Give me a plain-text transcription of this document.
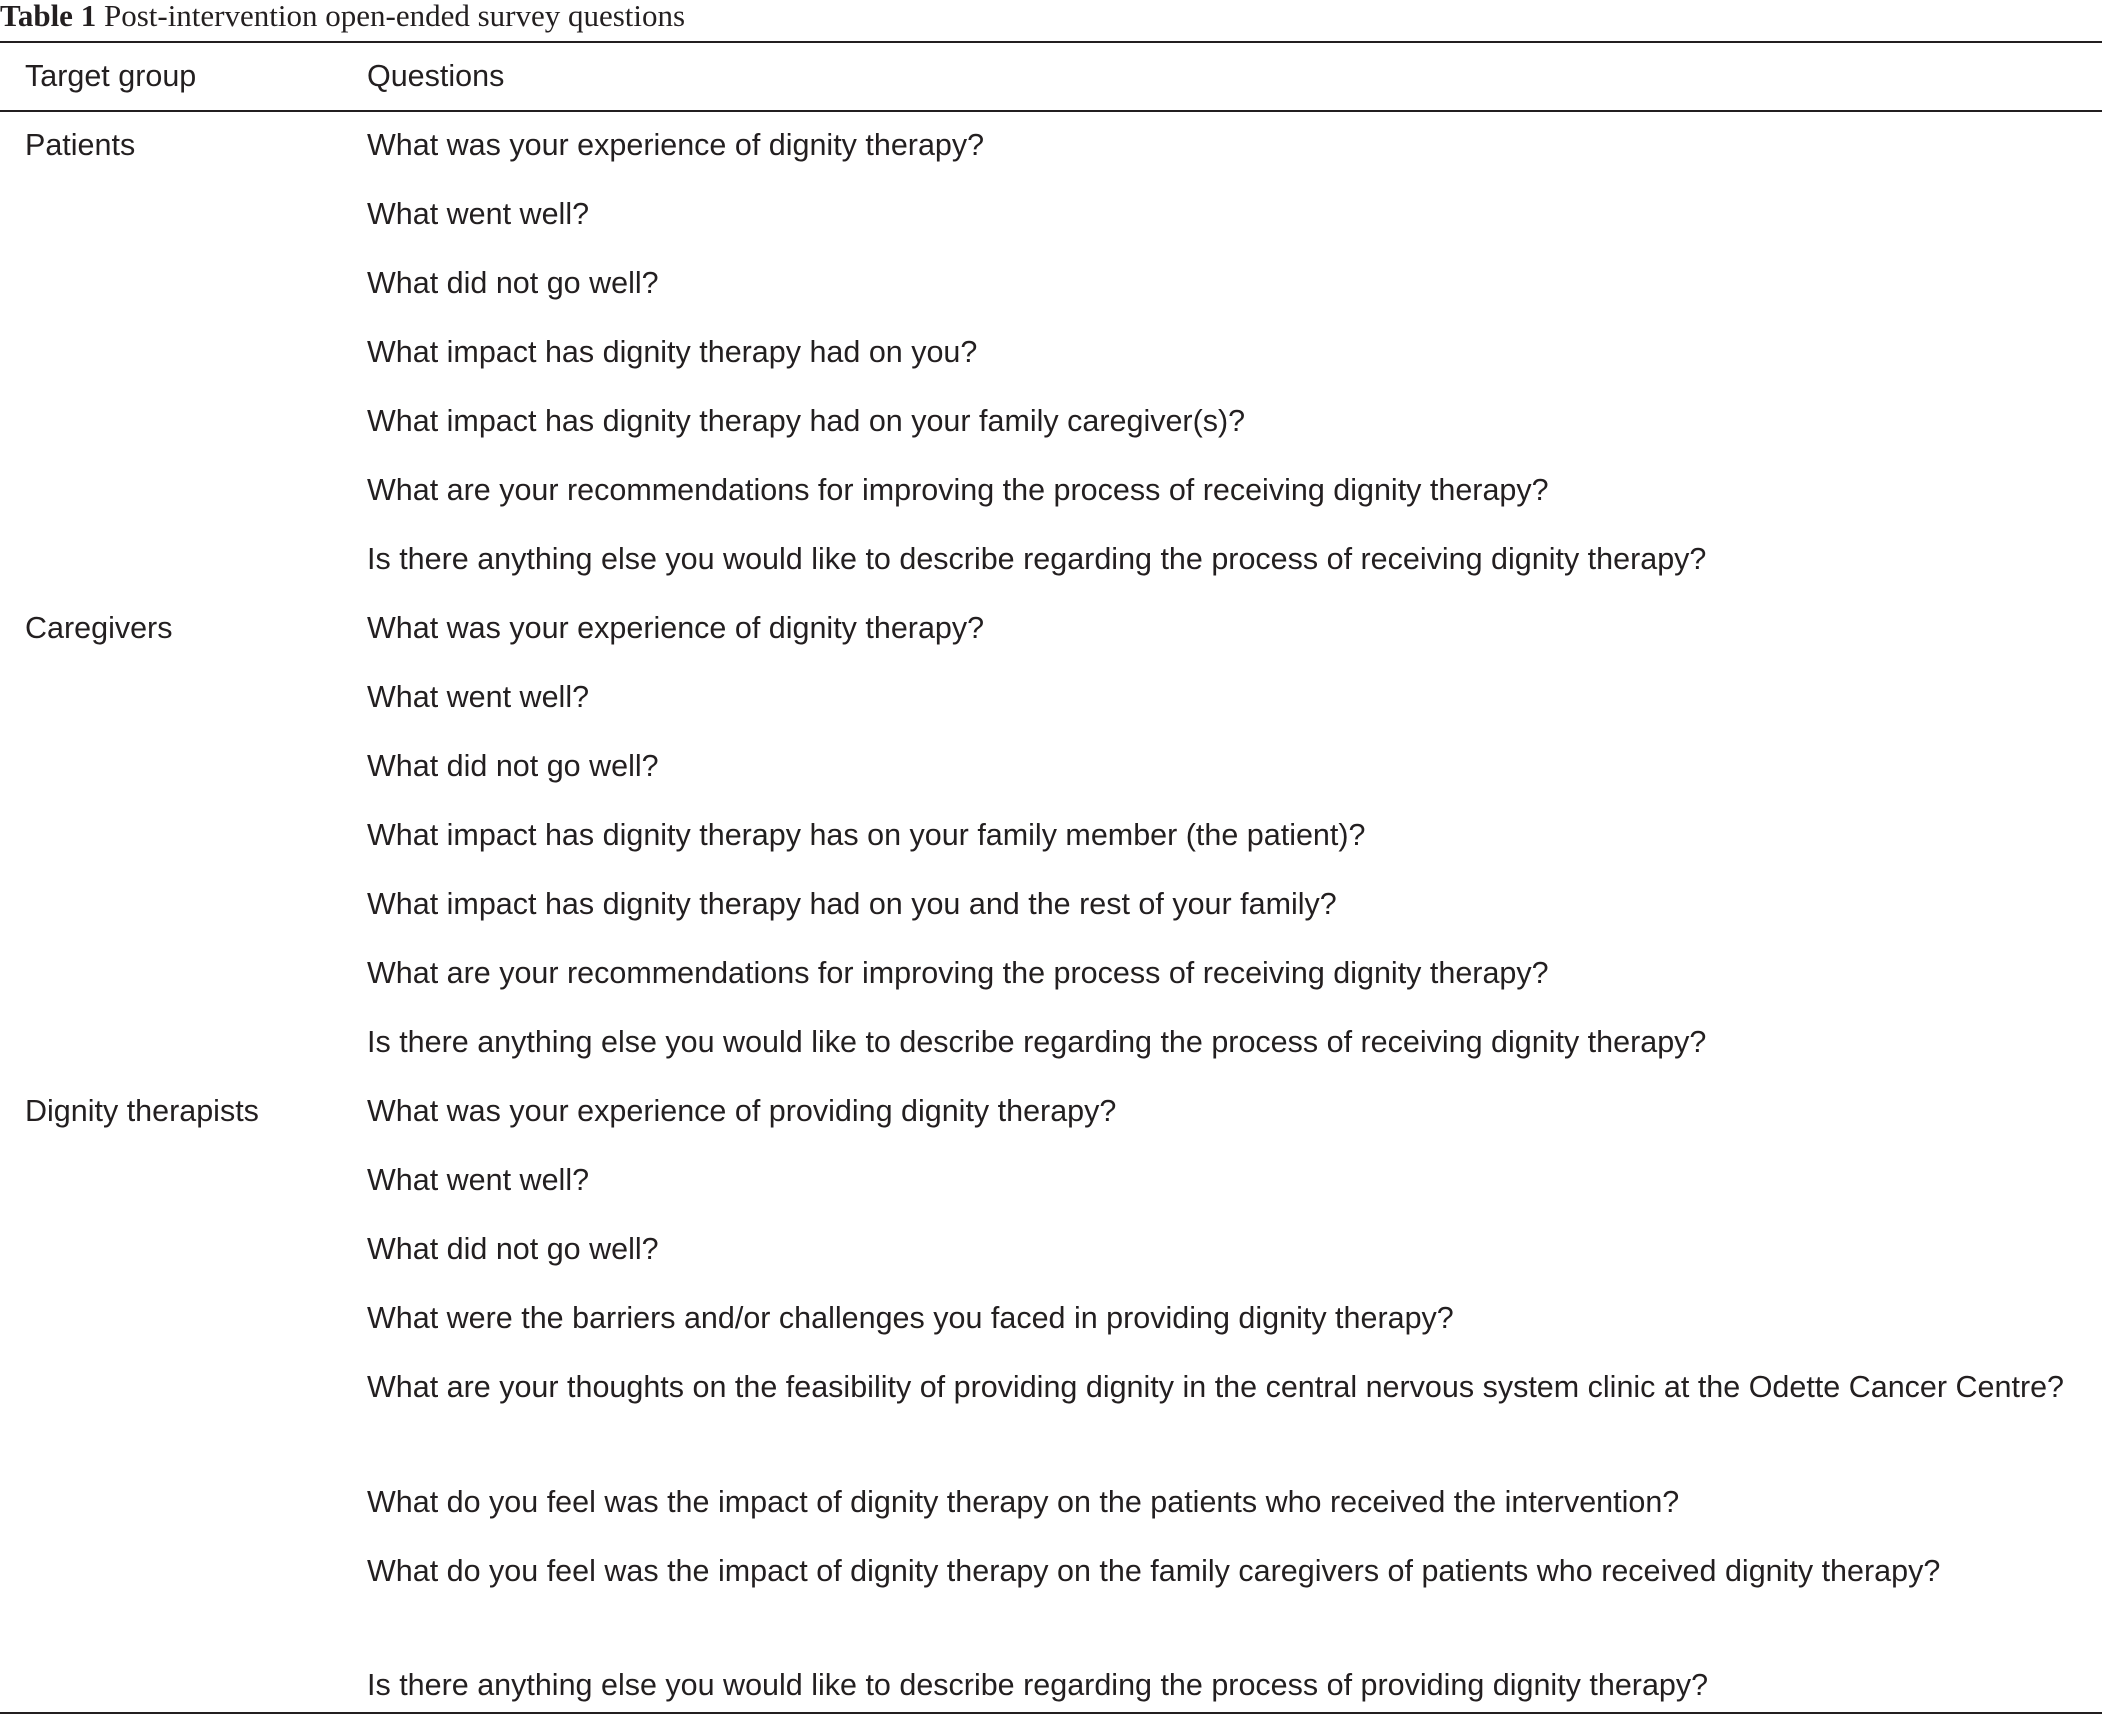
Table 1 Post-intervention open-ended survey questions
Target group	Questions
Patients	What was your experience of dignity therapy?
What went well?
What did not go well?
What impact has dignity therapy had on you?
What impact has dignity therapy had on your family caregiver(s)?
What are your recommendations for improving the process of receiving dignity therapy?
Is there anything else you would like to describe regarding the process of receiving dignity therapy?
Caregivers	What was your experience of dignity therapy?
What went well?
What did not go well?
What impact has dignity therapy has on your family member (the patient)?
What impact has dignity therapy had on you and the rest of your family?
What are your recommendations for improving the process of receiving dignity therapy?
Is there anything else you would like to describe regarding the process of receiving dignity therapy?
Dignity therapists	What was your experience of providing dignity therapy?
What went well?
What did not go well?
What were the barriers and/or challenges you faced in providing dignity therapy?
What are your thoughts on the feasibility of providing dignity in the central nervous system clinic at the Odette Cancer Centre?
What do you feel was the impact of dignity therapy on the patients who received the intervention?
What do you feel was the impact of dignity therapy on the family caregivers of patients who received dignity therapy?
Is there anything else you would like to describe regarding the process of providing dignity therapy?
